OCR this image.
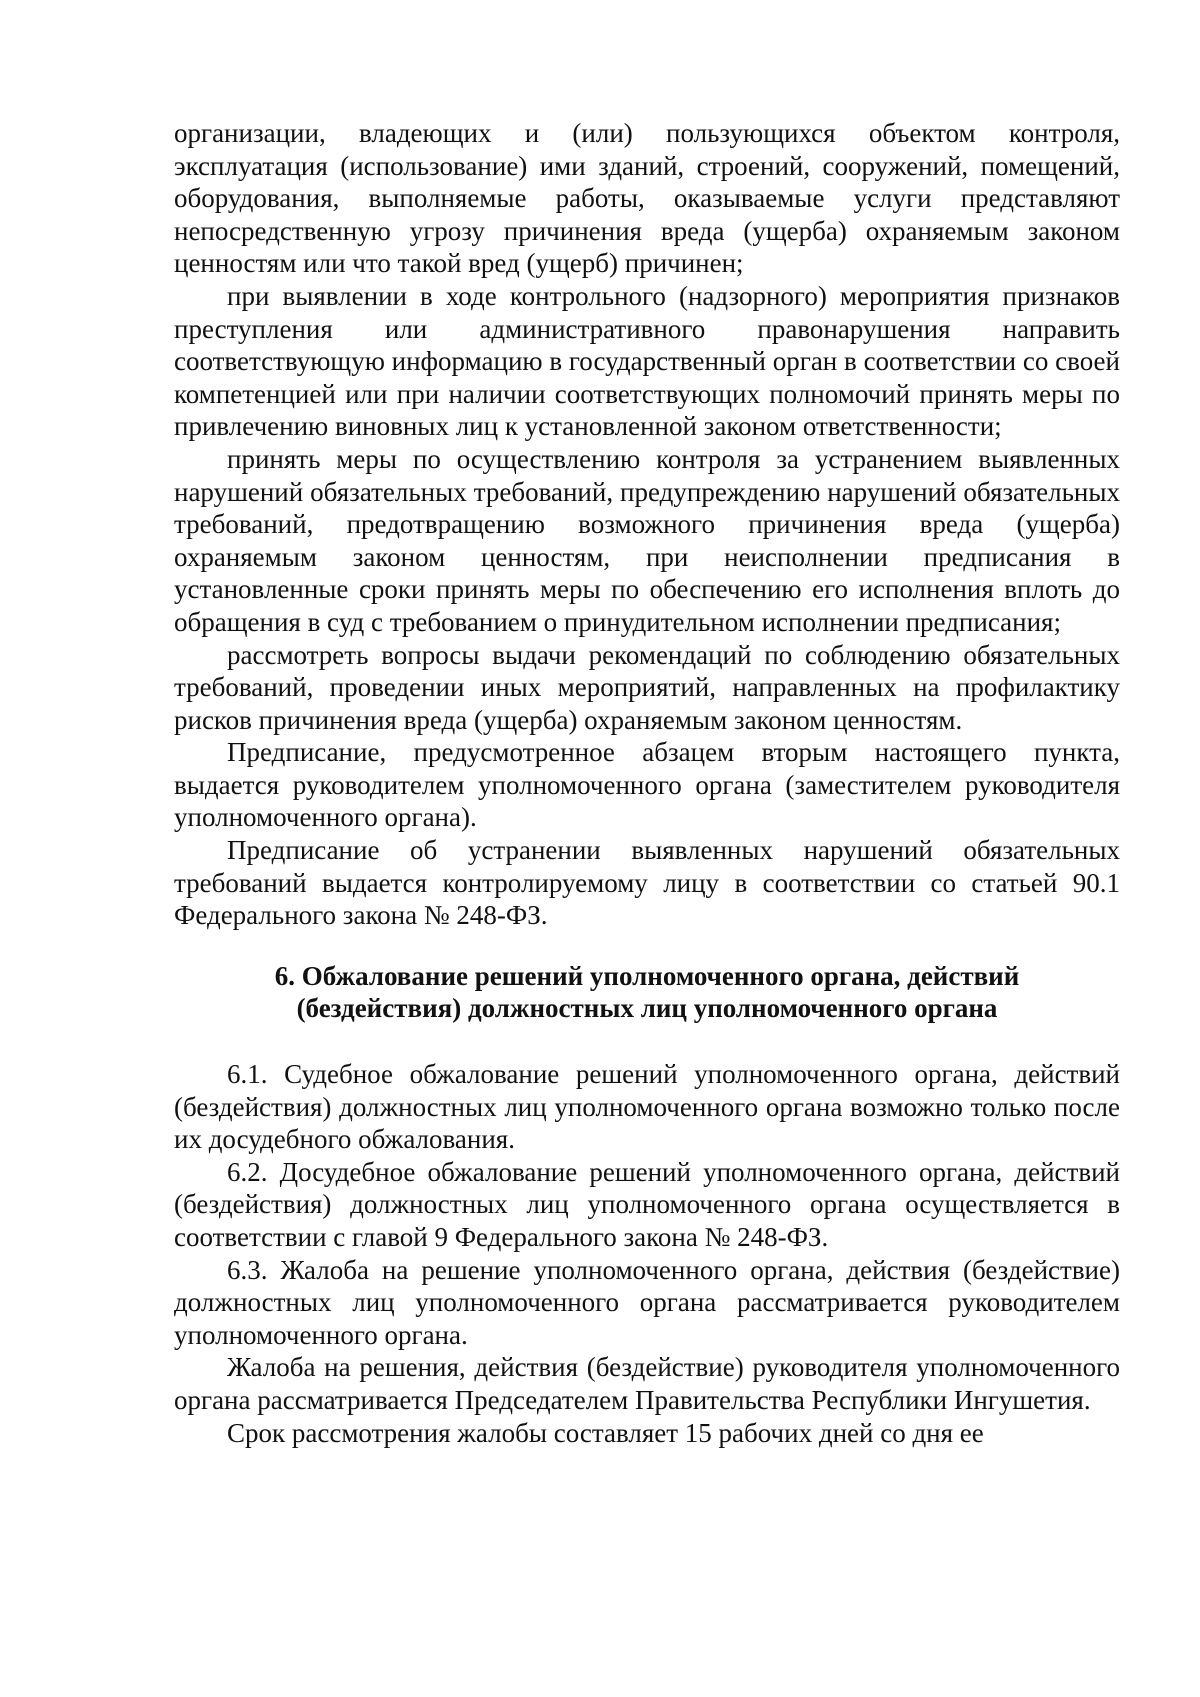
организации, владеющих и (или) пользующихся объектом контроля, эксплуатация (использование) ими зданий, строений, сооружений, помещений, оборудования, выполняемые работы, оказываемые услуги представляют непосредственную угрозу причинения вреда (ущерба) охраняемым законом ценностям или что такой вред (ущерб) причинен;

при выявлении в ходе контрольного (надзорного) мероприятия признаков преступления или административного правонарушения направить соответствующую информацию в государственный орган в соответствии со своей компетенцией или при наличии соответствующих полномочий принять меры по привлечению виновных лиц к установленной законом ответственности;

принять меры по осуществлению контроля за устранением выявленных нарушений обязательных требований, предупреждению нарушений обязательных требований, предотвращению возможного причинения вреда (ущерба) охраняемым законом ценностям, при неисполнении предписания в установленные сроки принять меры по обеспечению его исполнения вплоть до обращения в суд с требованием о принудительном исполнении предписания;

рассмотреть вопросы выдачи рекомендаций по соблюдению обязательных требований, проведении иных мероприятий, направленных на профилактику рисков причинения вреда (ущерба) охраняемым законом ценностям.

Предписание, предусмотренное абзацем вторым настоящего пункта, выдается руководителем уполномоченного органа (заместителем руководителя уполномоченного органа).

Предписание об устранении выявленных нарушений обязательных требований выдается контролируемому лицу в соответствии со статьей 90.1 Федерального закона № 248-ФЗ.

6. Обжалование решений уполномоченного органа, действий
(бездействия) должностных лиц уполномоченного органа

6.1. Судебное обжалование решений уполномоченного органа, действий (бездействия) должностных лиц уполномоченного органа возможно только после их досудебного обжалования.

6.2. Досудебное обжалование решений уполномоченного органа, действий (бездействия) должностных лиц уполномоченного органа осуществляется в соответствии с главой 9 Федерального закона № 248-ФЗ.

6.3. Жалоба на решение уполномоченного органа, действия (бездействие) должностных лиц уполномоченного органа рассматривается руководителем уполномоченного органа.

Жалоба на решения, действия (бездействие) руководителя уполномоченного органа рассматривается Председателем Правительства Республики Ингушетия.

Срок рассмотрения жалобы составляет 15 рабочих дней со дня ее
